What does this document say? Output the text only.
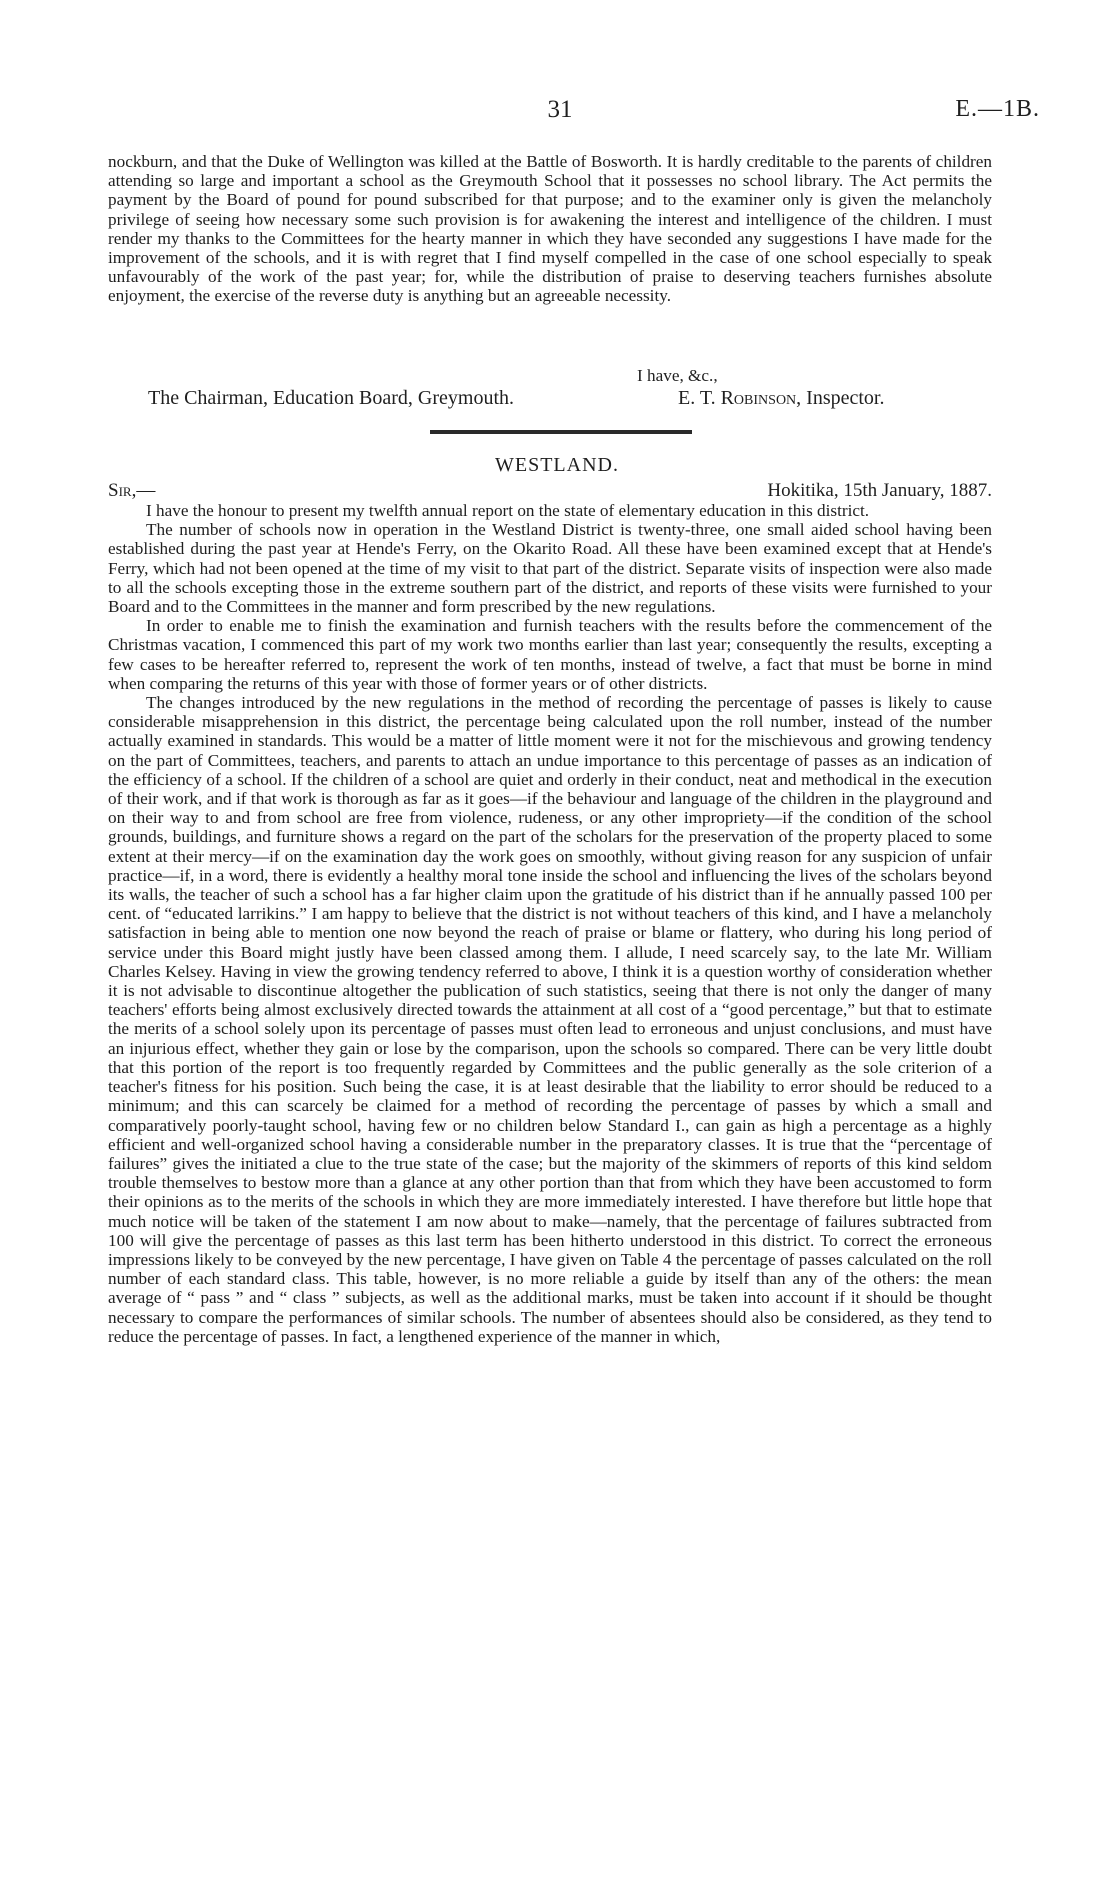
31	E.—1B.

nockburn, and that the Duke of Wellington was killed at the Battle of Bosworth. It is hardly creditable to the parents of children attending so large and important a school as the Greymouth School that it possesses no school library. The Act permits the payment by the Board of pound for pound subscribed for that purpose; and to the examiner only is given the melancholy privilege of seeing how necessary some such provision is for awakening the interest and intelligence of the children. I must render my thanks to the Committees for the hearty manner in which they have seconded any suggestions I have made for the improvement of the schools, and it is with regret that I find myself compelled in the case of one school especially to speak unfavourably of the work of the past year; for, while the distribution of praise to deserving teachers furnishes absolute enjoyment, the exercise of the reverse duty is anything but an agreeable necessity.

I have, &c.,
The Chairman, Education Board, Greymouth.	E. T. Robinson, Inspector.
WESTLAND.
Sir,—	Hokitika, 15th January, 1887.

I have the honour to present my twelfth annual report on the state of elementary education in this district.

The number of schools now in operation in the Westland District is twenty-three, one small aided school having been established during the past year at Hende's Ferry, on the Okarito Road. All these have been examined except that at Hende's Ferry, which had not been opened at the time of my visit to that part of the district. Separate visits of inspection were also made to all the schools excepting those in the extreme southern part of the district, and reports of these visits were furnished to your Board and to the Committees in the manner and form prescribed by the new regulations.

In order to enable me to finish the examination and furnish teachers with the results before the commencement of the Christmas vacation, I commenced this part of my work two months earlier than last year; consequently the results, excepting a few cases to be hereafter referred to, represent the work of ten months, instead of twelve, a fact that must be borne in mind when comparing the returns of this year with those of former years or of other districts.

The changes introduced by the new regulations in the method of recording the percentage of passes is likely to cause considerable misapprehension in this district, the percentage being calculated upon the roll number, instead of the number actually examined in standards. This would be a matter of little moment were it not for the mischievous and growing tendency on the part of Committees, teachers, and parents to attach an undue importance to this percentage of passes as an indication of the efficiency of a school. If the children of a school are quiet and orderly in their conduct, neat and methodical in the execution of their work, and if that work is thorough as far as it goes—if the behaviour and language of the children in the playground and on their way to and from school are free from violence, rudeness, or any other impropriety—if the condition of the school grounds, buildings, and furniture shows a regard on the part of the scholars for the preservation of the property placed to some extent at their mercy—if on the examination day the work goes on smoothly, without giving reason for any suspicion of unfair practice—if, in a word, there is evidently a healthy moral tone inside the school and influencing the lives of the scholars beyond its walls, the teacher of such a school has a far higher claim upon the gratitude of his district than if he annually passed 100 per cent. of “educated larrikins.” I am happy to believe that the district is not without teachers of this kind, and I have a melancholy satisfaction in being able to mention one now beyond the reach of praise or blame or flattery, who during his long period of service under this Board might justly have been classed among them. I allude, I need scarcely say, to the late Mr. William Charles Kelsey. Having in view the growing tendency referred to above, I think it is a question worthy of consideration whether it is not advisable to discontinue altogether the publication of such statistics, seeing that there is not only the danger of many teachers' efforts being almost exclusively directed towards the attainment at all cost of a “good percentage,” but that to estimate the merits of a school solely upon its percentage of passes must often lead to erroneous and unjust conclusions, and must have an injurious effect, whether they gain or lose by the comparison, upon the schools so compared. There can be very little doubt that this portion of the report is too frequently regarded by Committees and the public generally as the sole criterion of a teacher's fitness for his position. Such being the case, it is at least desirable that the liability to error should be reduced to a minimum; and this can scarcely be claimed for a method of recording the percentage of passes by which a small and comparatively poorly-taught school, having few or no children below Standard I., can gain as high a percentage as a highly efficient and well-organized school having a considerable number in the preparatory classes. It is true that the “percentage of failures” gives the initiated a clue to the true state of the case; but the majority of the skimmers of reports of this kind seldom trouble themselves to bestow more than a glance at any other portion than that from which they have been accustomed to form their opinions as to the merits of the schools in which they are more immediately interested. I have therefore but little hope that much notice will be taken of the statement I am now about to make—namely, that the percentage of failures subtracted from 100 will give the percentage of passes as this last term has been hitherto understood in this district. To correct the erroneous impressions likely to be conveyed by the new percentage, I have given on Table 4 the percentage of passes calculated on the roll number of each standard class. This table, however, is no more reliable a guide by itself than any of the others: the mean average of “ pass ” and “ class ” subjects, as well as the additional marks, must be taken into account if it should be thought necessary to compare the performances of similar schools. The number of absentees should also be considered, as they tend to reduce the percentage of passes. In fact, a lengthened experience of the manner in which,
